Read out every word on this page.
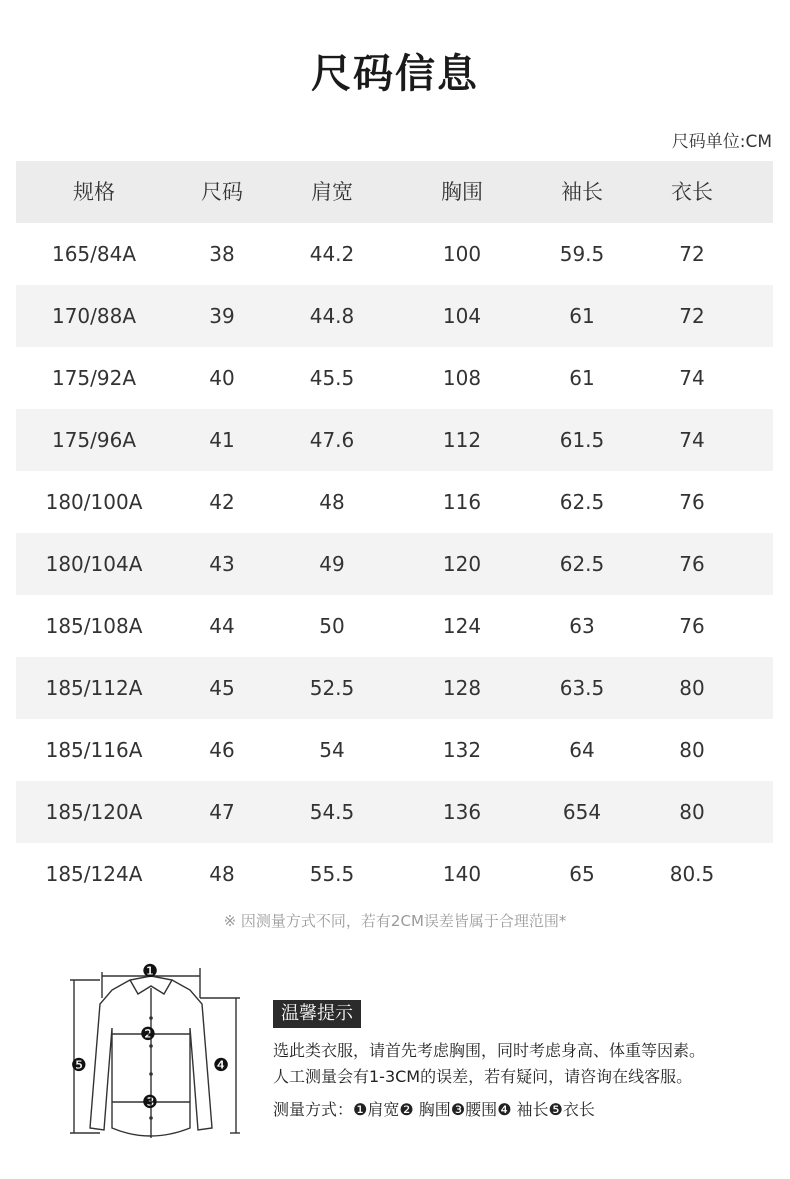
尺码信息
尺码单位:CM
规格	尺码	肩宽	胸围	袖长	衣长
165/84A	38	44.2	100	59.5	72
170/88A	39	44.8	104	61	72
175/92A	40	45.5	108	61	74
175/96A	41	47.6	112	61.5	74
180/100A	42	48	116	62.5	76
180/104A	43	49	120	62.5	76
185/108A	44	50	124	63	76
185/112A	45	52.5	128	63.5	80
185/116A	46	54	132	64	80
185/120A	47	54.5	136	654	80
185/124A	48	55.5	140	65	80.5
※ 因测量方式不同，若有2CM误差皆属于合理范围*
❶
❷
❸
❹
❺
温馨提示
选此类衣服，请首先考虑胸围，同时考虑身高、体重等因素。
人工测量会有1-3CM的误差，若有疑问，请咨询在线客服。
测量方式：❶肩宽❷ 胸围❸腰围❹ 袖长❺衣长
